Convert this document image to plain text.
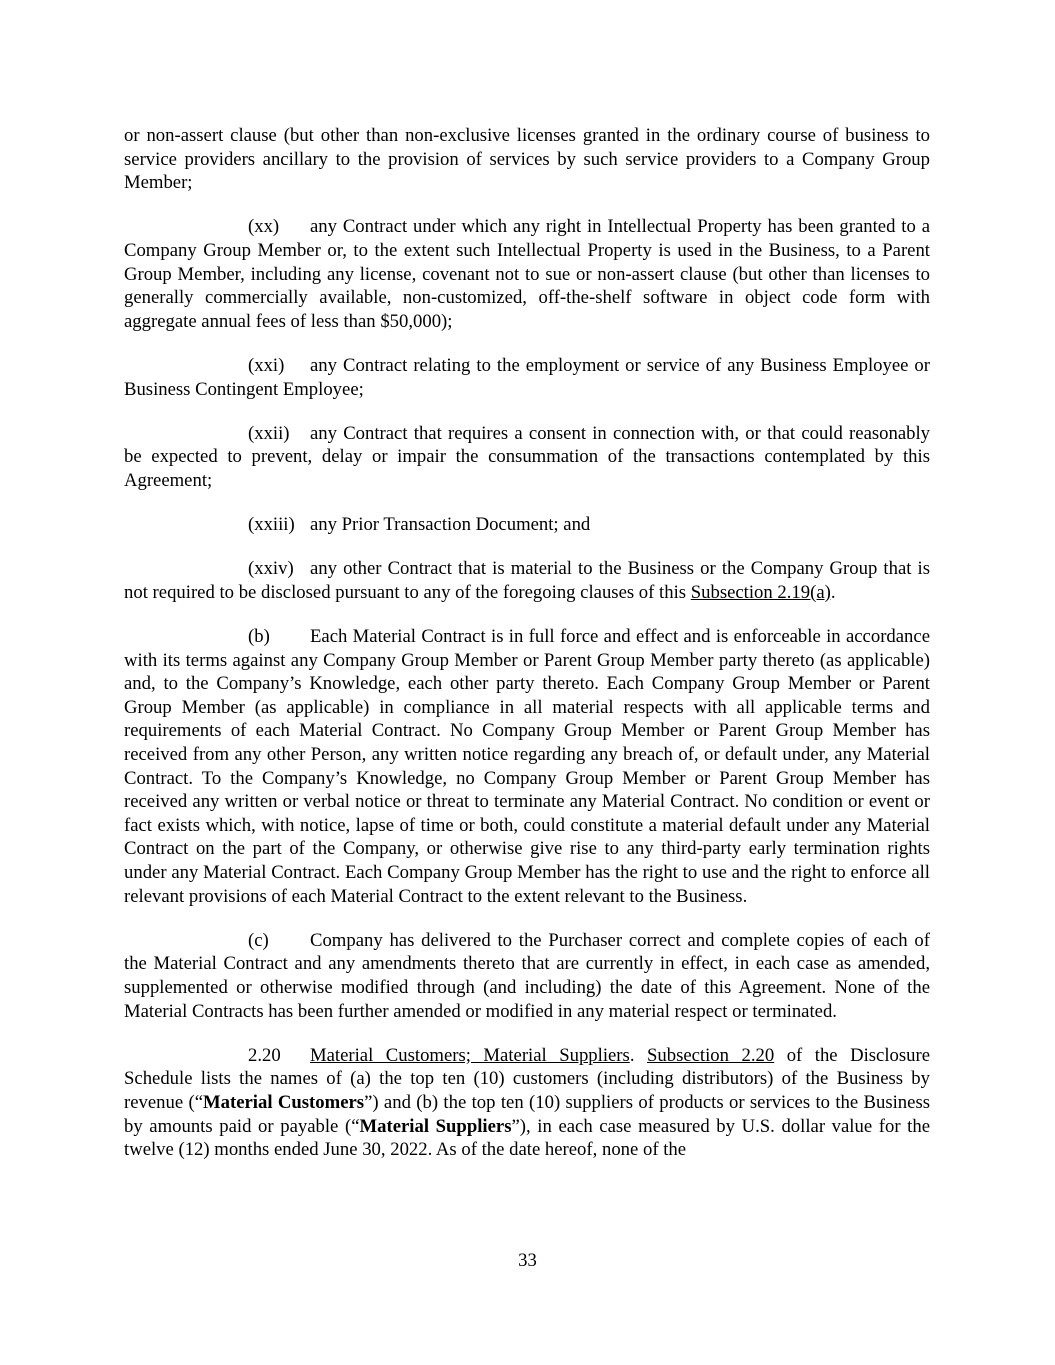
or non-assert clause (but other than non-exclusive licenses granted in the ordinary course of business to service providers ancillary to the provision of services by such service providers to a Company Group Member;

(xx) any Contract under which any right in Intellectual Property has been granted to a Company Group Member or, to the extent such Intellectual Property is used in the Business, to a Parent Group Member, including any license, covenant not to sue or non-assert clause (but other than licenses to generally commercially available, non-customized, off-the-shelf software in object code form with aggregate annual fees of less than $50,000);

(xxi) any Contract relating to the employment or service of any Business Employee or Business Contingent Employee;

(xxii) any Contract that requires a consent in connection with, or that could reasonably be expected to prevent, delay or impair the consummation of the transactions contemplated by this Agreement;

(xxiii) any Prior Transaction Document; and

(xxiv) any other Contract that is material to the Business or the Company Group that is not required to be disclosed pursuant to any of the foregoing clauses of this Subsection 2.19(a).

(b) Each Material Contract is in full force and effect and is enforceable in accordance with its terms against any Company Group Member or Parent Group Member party thereto (as applicable) and, to the Company’s Knowledge, each other party thereto. Each Company Group Member or Parent Group Member (as applicable) in compliance in all material respects with all applicable terms and requirements of each Material Contract. No Company Group Member or Parent Group Member has received from any other Person, any written notice regarding any breach of, or default under, any Material Contract. To the Company’s Knowledge, no Company Group Member or Parent Group Member has received any written or verbal notice or threat to terminate any Material Contract. No condition or event or fact exists which, with notice, lapse of time or both, could constitute a material default under any Material Contract on the part of the Company, or otherwise give rise to any third-party early termination rights under any Material Contract. Each Company Group Member has the right to use and the right to enforce all relevant provisions of each Material Contract to the extent relevant to the Business.

(c) Company has delivered to the Purchaser correct and complete copies of each of the Material Contract and any amendments thereto that are currently in effect, in each case as amended, supplemented or otherwise modified through (and including) the date of this Agreement. None of the Material Contracts has been further amended or modified in any material respect or terminated.

2.20 Material Customers; Material Suppliers. Subsection 2.20 of the Disclosure Schedule lists the names of (a) the top ten (10) customers (including distributors) of the Business by revenue (“Material Customers”) and (b) the top ten (10) suppliers of products or services to the Business by amounts paid or payable (“Material Suppliers”), in each case measured by U.S. dollar value for the twelve (12) months ended June 30, 2022. As of the date hereof, none of the

33
